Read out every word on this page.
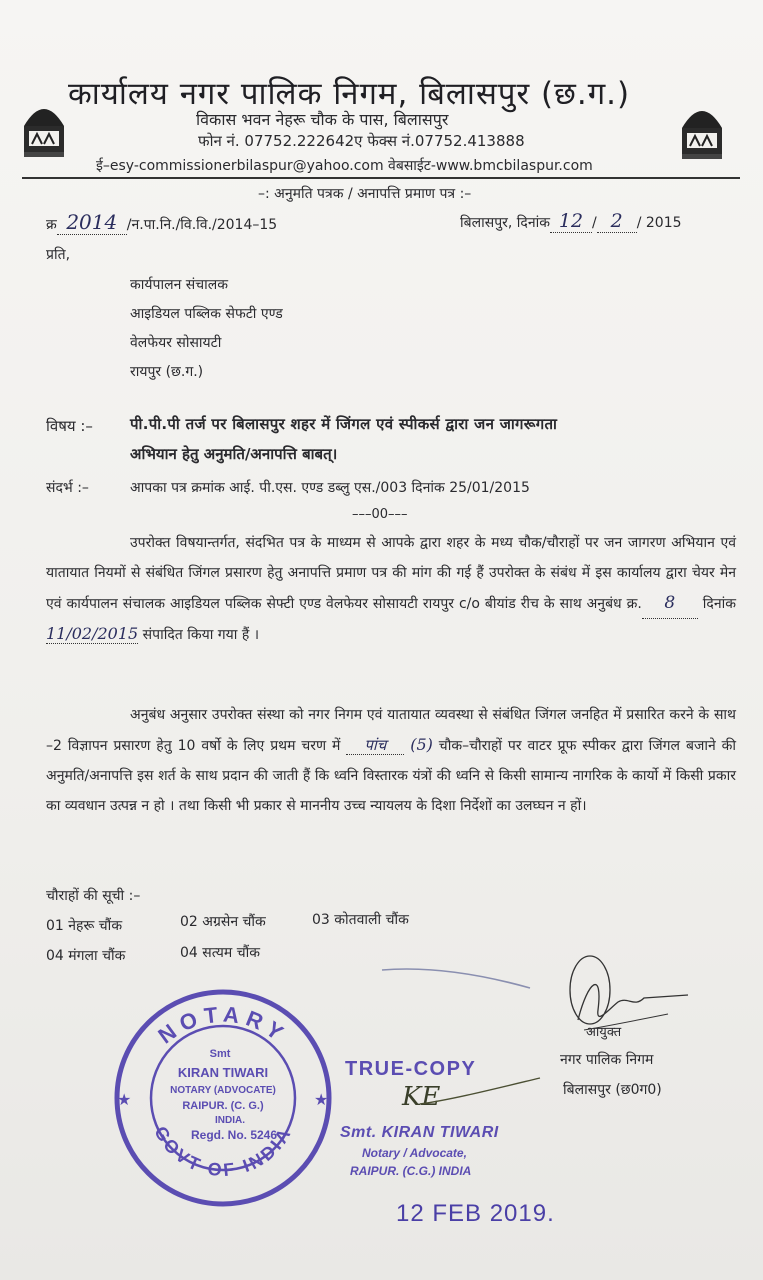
कार्यालय नगर पालिक निगम, बिलासपुर (छ.ग.)
विकास भवन नेहरू चौक के पास, बिलासपुर
फोन नं. 07752.222642ए फेक्स नं.07752.413888
ई–esy-commissionerbilaspur@yahoo.com वेबसाईट-www.bmcbilaspur.com
–: अनुमति पत्रक / अनापत्ति प्रमाण पत्र :–
क्र 2014 /न.पा.नि./वि.वि./2014–15	बिलासपुर, दिनांक 12 / 2 / 2015
प्रति,
कार्यपालन संचालक
आइडियल पब्लिक सेफटी एण्ड
वेलफेयर सोसायटी
रायपुर (छ.ग.)
विषय :– पी.पी.पी तर्ज पर बिलासपुर शहर में जिंगल एवं स्पीकर्स द्वारा जन जागरूगता
अभियान हेतु अनुमति/अनापत्ति बाबत्।
संदर्भ :–	आपका पत्र क्रमांक आई. पी.एस. एण्ड डब्लु एस./003 दिनांक 25/01/2015
–––00–––
उपरोक्त विषयान्तर्गत, संदभित पत्र के माध्यम से आपके द्वारा शहर के मध्य चौक/चौराहों पर जन जागरण अभियान एवं यातायात नियमों से संबंधित जिंगल प्रसारण हेतु अनापत्ति प्रमाण पत्र की मांग की गई हैं उपरोक्त के संबंध में इस कार्यालय द्वारा चेयर मेन एवं कार्यपालन संचालक आइडियल पब्लिक सेफ्टी एण्ड वेलफेयर सोसायटी रायपुर c/o बीयांड रीच के साथ अनुबंध क्र. 8 दिनांक 11/02/2015 संपादित किया गया हैं ।
अनुबंध अनुसार उपरोक्त संस्था को नगर निगम एवं यातायात व्यवस्था से संबंधित जिंगल जनहित में प्रसारित करने के साथ –2 विज्ञापन प्रसारण हेतु 10 वर्षो के लिए प्रथम चरण में पांच (5) चौक–चौराहों पर वाटर प्रूफ स्पीकर द्वारा जिंगल बजाने की अनुमति/अनापत्ति इस शर्त के साथ प्रदान की जाती हैं कि ध्वनि विस्तारक यंत्रों की ध्वनि से किसी सामान्य नागरिक के कार्यो में किसी प्रकार का व्यवधान उत्पन्न न हो । तथा किसी भी प्रकार से माननीय उच्च न्यायलय के दिशा निर्देशों का उलघ्घन न हों।
चौराहों की सूची :–
01 नेहरू चौंक	02 अग्रसेन चौंक	03 कोतवाली चौंक
04 मंगला चौंक	04 सत्यम चौंक
आयुक्त
नगर पालिक निगम
बिलासपुर (छ0ग0)
NOTARY
GOVT OF INDIA
★	★
Smt
KIRAN TIWARI
NOTARY (ADVOCATE)
RAIPUR. (C. G.)
INDIA.
Regd. No. 5246
TRUE-COPY
KE
Smt. KIRAN TIWARI
Notary / Advocate,
RAIPUR. (C.G.) INDIA
12 FEB 2019.
